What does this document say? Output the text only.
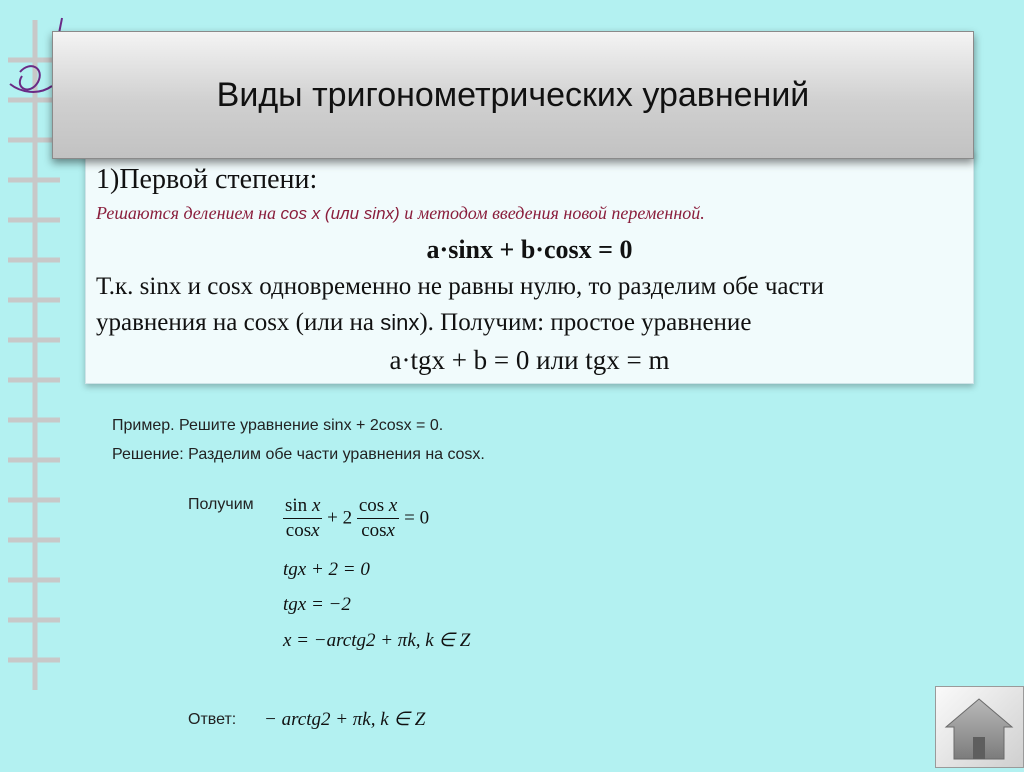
Виды тригонометрических уравнений
1)Первой степени:
Решаются делением на cos x (или sinx) и методом введения новой переменной.
a·sinx + b·cosx = 0
Т.к. sinx и cosx одновременно не равны нулю, то разделим обе части
уравнения на cosx (или на sinx). Получим: простое уравнение
a·tgx + b = 0 или tgx = m
Пример. Решите уравнение sinx + 2cosx = 0.
Решение: Разделим обе части уравнения на cosx.
Получим
Ответ:
$\frac{\text{sin x}}{\cos x} + 2 \frac{\text{cos x}}{\cos x} = 0$
tgx + 2 = 0
tgx = −2
x = −arctg2 + πk, k ∈ Z
− arctg2 + πk, k ∈ Z
